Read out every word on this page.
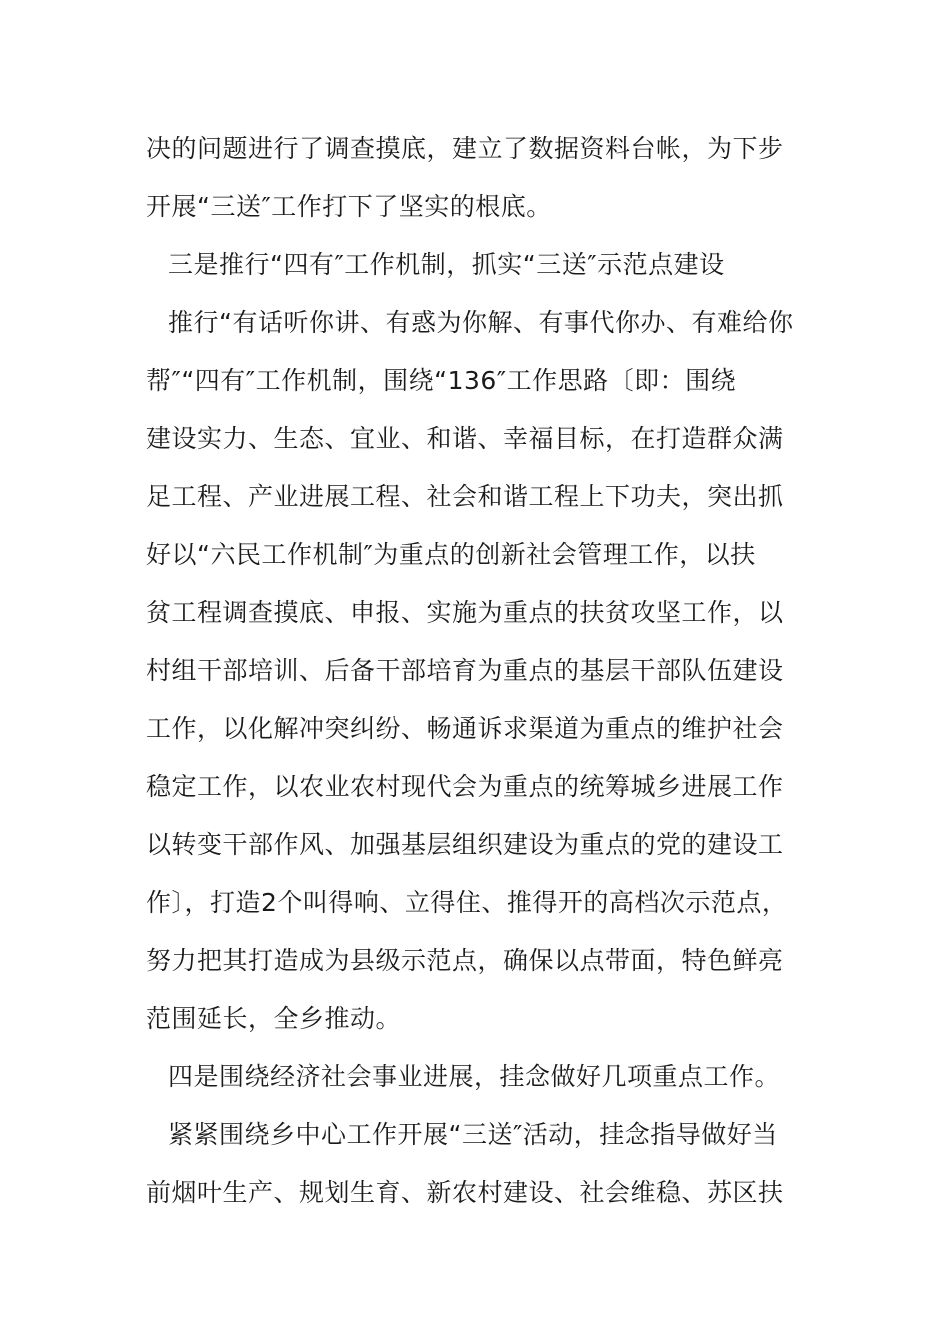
决的问题进行了调查摸底，建立了数据资料台帐，为下步
开展“三送″工作打下了坚实的根底。
三是推行“四有″工作机制，抓实“三送″示范点建设
推行“有话听你讲、有惑为你解、有事代你办、有难给你
帮″“四有″工作机制，围绕“136″工作思路〔即：围绕
建设实力、生态、宜业、和谐、幸福目标，在打造群众满
足工程、产业进展工程、社会和谐工程上下功夫，突出抓
好以“六民工作机制″为重点的创新社会管理工作，以扶
贫工程调查摸底、申报、实施为重点的扶贫攻坚工作，以
村组干部培训、后备干部培育为重点的基层干部队伍建设
工作，以化解冲突纠纷、畅通诉求渠道为重点的维护社会
稳定工作，以农业农村现代会为重点的统筹城乡进展工作
以转变干部作风、加强基层组织建设为重点的党的建设工
作〕，打造2个叫得响、立得住、推得开的高档次示范点，
努力把其打造成为县级示范点，确保以点带面，特色鲜亮
范围延长，全乡推动。
四是围绕经济社会事业进展，挂念做好几项重点工作。
紧紧围绕乡中心工作开展“三送″活动，挂念指导做好当
前烟叶生产、规划生育、新农村建设、社会维稳、苏区扶
